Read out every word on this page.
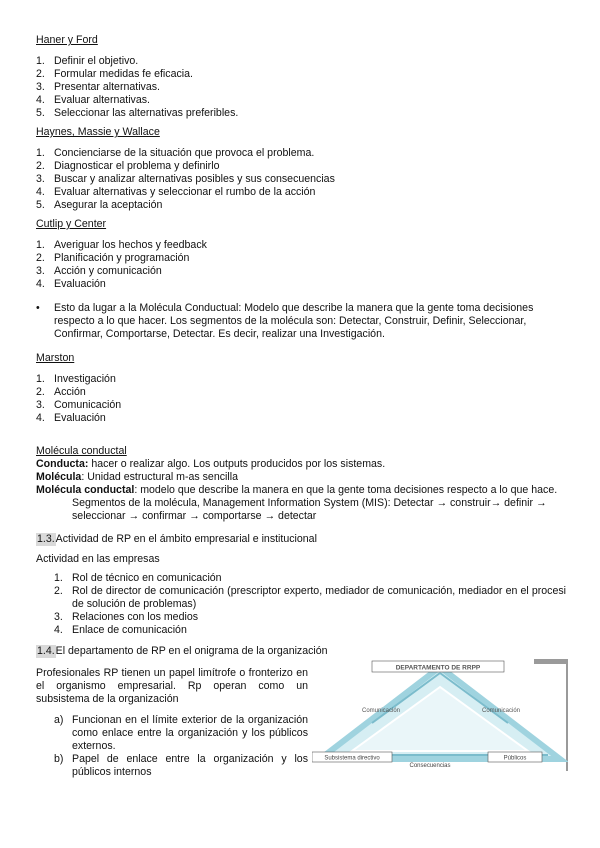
Haner y Ford

1. Definir el objetivo.
2. Formular medidas fe eficacia.
3. Presentar alternativas.
4. Evaluar alternativas.
5. Seleccionar las alternativas preferibles.

Haynes, Massie y Wallace

1. Concienciarse de la situación que provoca el problema.
2. Diagnosticar el problema y definirlo
3. Buscar y analizar alternativas posibles y sus consecuencias
4. Evaluar alternativas y seleccionar el rumbo de la acción
5. Asegurar la aceptación

Cutlip y Center

1. Averiguar los hechos y feedback
2. Planificación y programación
3. Acción y comunicación
4. Evaluación
• Esto da lugar a la Molécula Conductual: Modelo que describe la manera que la gente toma decisiones respecto a lo que hacer. Los segmentos de la molécula son: Detectar, Construir, Definir, Seleccionar, Confirmar, Comportarse, Detectar. Es decir, realizar una Investigación.

Marston

1. Investigación
2. Acción
3. Comunicación
4. Evaluación

Molécula conductal

Conducta: hacer o realizar algo. Los outputs producidos por los sistemas.
Molécula: Unidad estructural m-as sencilla
Molécula conductal: modelo que describe la manera en que la gente toma decisiones respecto a lo que hace.
Segmentos de la molécula, Management Information System (MIS): Detectar → construir→ definir → seleccionar → confirmar → comportarse → detectar
1.3. Actividad de RP en el ámbito empresarial e institucional
Actividad en las empresas
1. Rol de técnico en comunicación
2. Rol de director de comunicación (prescriptor experto, mediador de comunicación, mediador en el procesi de solución de problemas)
3. Relaciones con los medios
4. Enlace de comunicación
1.4. El departamento de RP en el onigrama de la organización
Profesionales RP tienen un papel limítrofe o fronterizo en el organismo empresarial. Rp operan como un subsistema de la organización
a) Funcionan en el límite exterior de la organización como enlace entre la organización y los públicos externos.
b) Papel de enlace entre la organización y los públicos internos
DEPARTAMENTO DE RRPP
Comunicación	Comunicación
Subsistema directivo
Consecuencias
Públicos
